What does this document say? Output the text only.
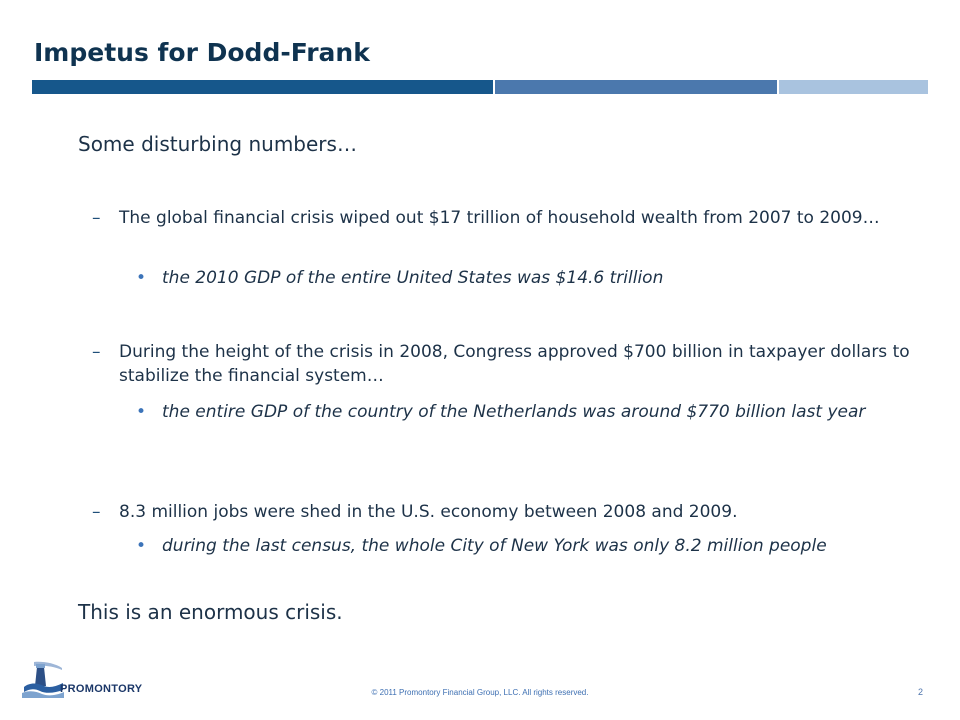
Impetus for Dodd-Frank
Some disturbing numbers…
–	The global financial crisis wiped out $17 trillion of household wealth from 2007 to 2009…
• the 2010 GDP of the entire United States was $14.6 trillion
–	During the height of the crisis in 2008, Congress approved $700 billion in taxpayer dollars to stabilize the financial system…
• the entire GDP of the country of the Netherlands was around $770 billion last year
–	8.3 million jobs were shed in the U.S. economy between 2008 and 2009.
• during the last census, the whole City of New York was only 8.2 million people
This is an enormous crisis.
PROMONTORY	© 2011 Promontory Financial Group, LLC. All rights reserved.	2
